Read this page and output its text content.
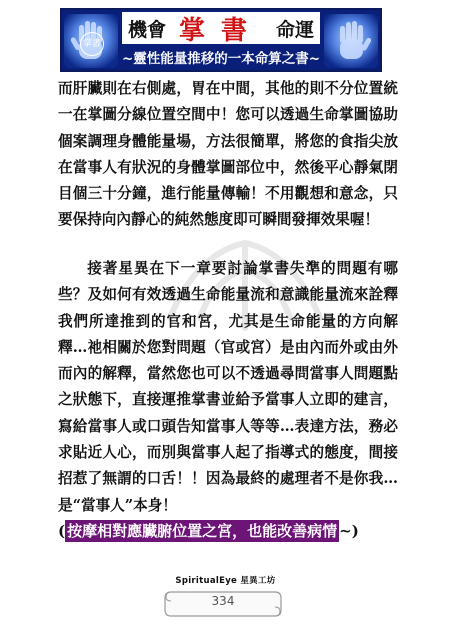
掌書
機會 掌書 命運
~靈性能量推移的一本命算之書~

而肝臟則在右側處，胃在中間，其他的則不分位置統一在掌圖分線位置空間中！您可以透過生命掌圖協助個案調理身體能量場，方法很簡單，將您的食指尖放在當事人有狀況的身體掌圖部位中，然後平心靜氣閉目個三十分鐘，進行能量傳輸！不用觀想和意念，只要保持向內靜心的純然態度即可瞬間發揮效果喔！

接著星異在下一章要討論掌書失準的問題有哪些？及如何有效透過生命能量流和意識能量流來詮釋我們所達推到的官和宮，尤其是生命能量的方向解釋…祂相關於您對問題（官或宮）是由內而外或由外而內的解釋，當然您也可以不透過尋問當事人問題點之狀態下，直接運推掌書並給予當事人立即的建言，寫給當事人或口頭告知當事人等等…表達方法，務必求貼近人心，而別與當事人起了指導式的態度，間接招惹了無謂的口舌！！因為最終的處理者不是你我…是“當事人”本身！

( 按摩相對應臟腑位置之宮，也能改善病情 ~)
SpiritualEye 星異工坊
334
